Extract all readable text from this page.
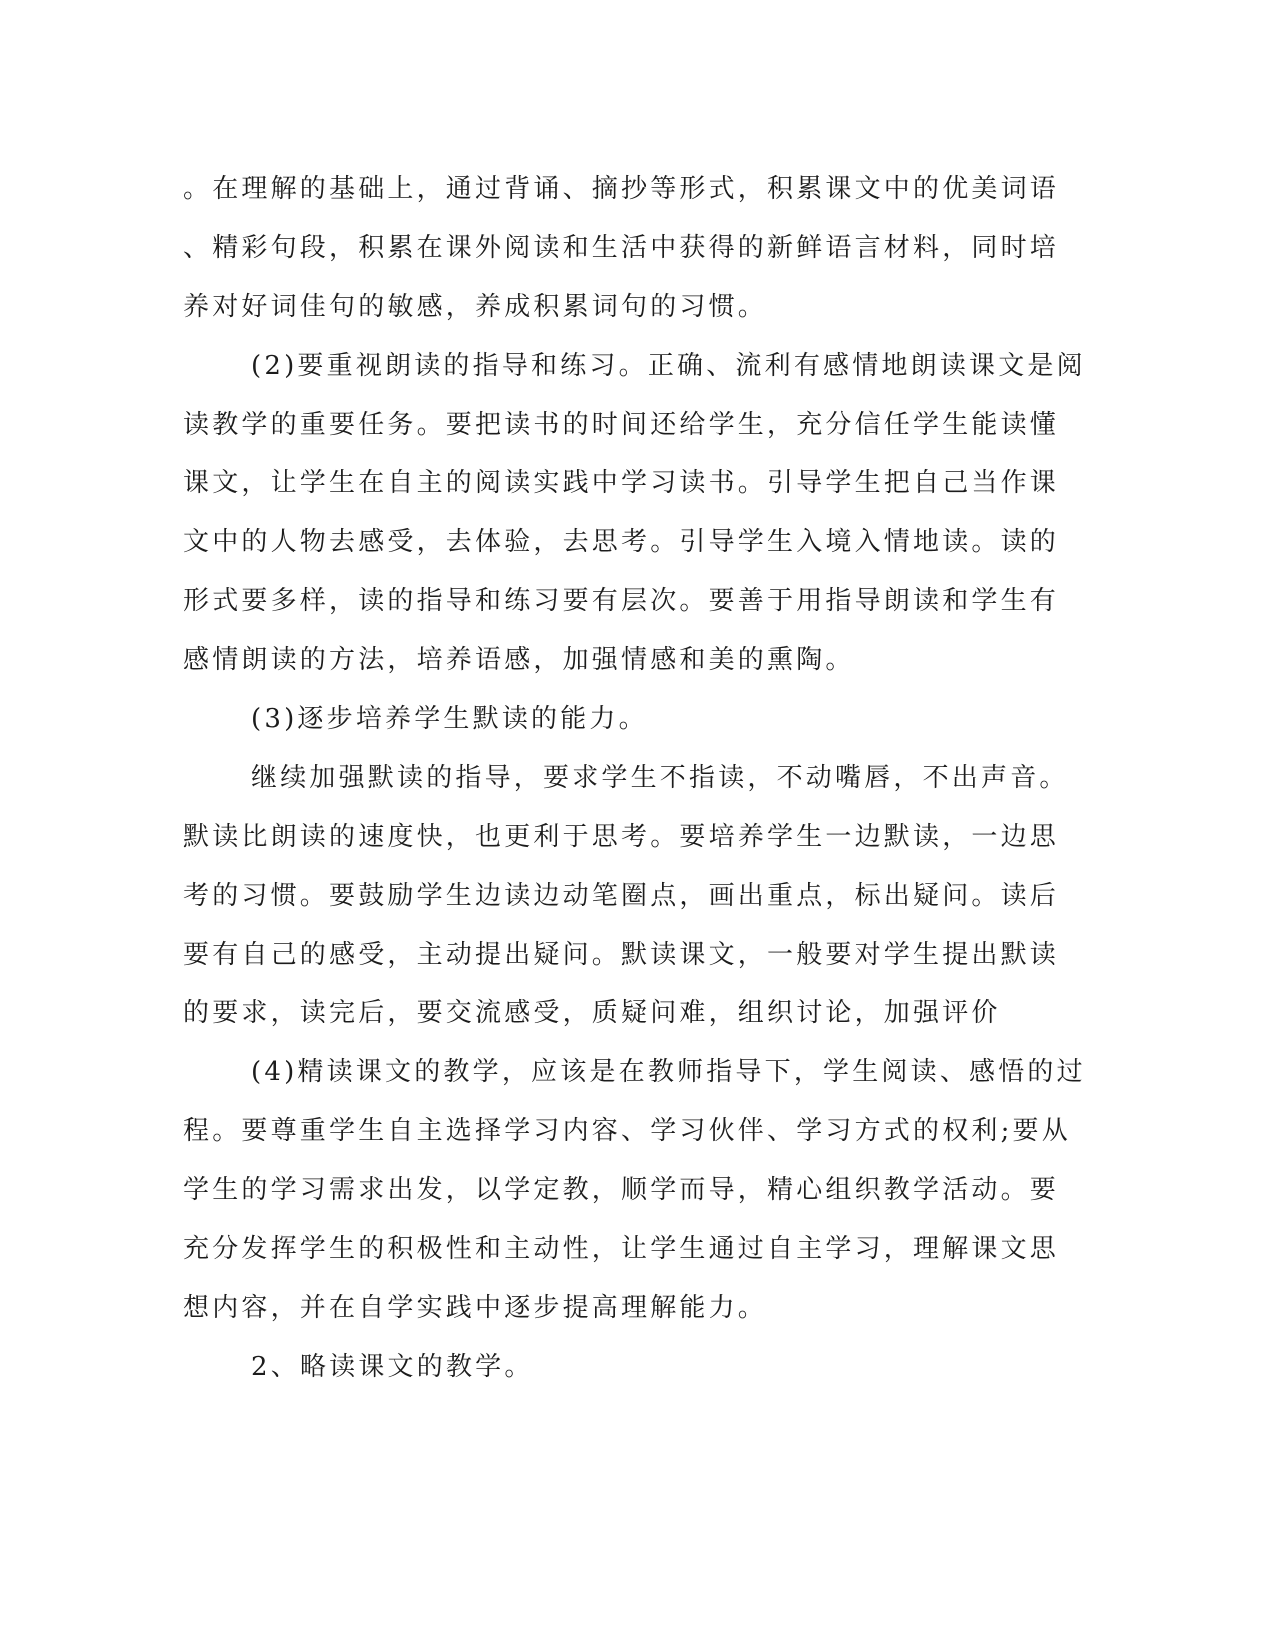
。在理解的基础上，通过背诵、摘抄等形式，积累课文中的优美词语
、精彩句段，积累在课外阅读和生活中获得的新鲜语言材料，同时培
养对好词佳句的敏感，养成积累词句的习惯。
(2)要重视朗读的指导和练习。正确、流利有感情地朗读课文是阅
读教学的重要任务。要把读书的时间还给学生，充分信任学生能读懂
课文，让学生在自主的阅读实践中学习读书。引导学生把自己当作课
文中的人物去感受，去体验，去思考。引导学生入境入情地读。读的
形式要多样，读的指导和练习要有层次。要善于用指导朗读和学生有
感情朗读的方法，培养语感，加强情感和美的熏陶。
(3)逐步培养学生默读的能力。
继续加强默读的指导，要求学生不指读，不动嘴唇，不出声音。
默读比朗读的速度快，也更利于思考。要培养学生一边默读，一边思
考的习惯。要鼓励学生边读边动笔圈点，画出重点，标出疑问。读后
要有自己的感受，主动提出疑问。默读课文，一般要对学生提出默读
的要求，读完后，要交流感受，质疑问难，组织讨论，加强评价
(4)精读课文的教学，应该是在教师指导下，学生阅读、感悟的过
程。要尊重学生自主选择学习内容、学习伙伴、学习方式的权利;要从
学生的学习需求出发，以学定教，顺学而导，精心组织教学活动。要
充分发挥学生的积极性和主动性，让学生通过自主学习，理解课文思
想内容，并在自学实践中逐步提高理解能力。
2、略读课文的教学。
